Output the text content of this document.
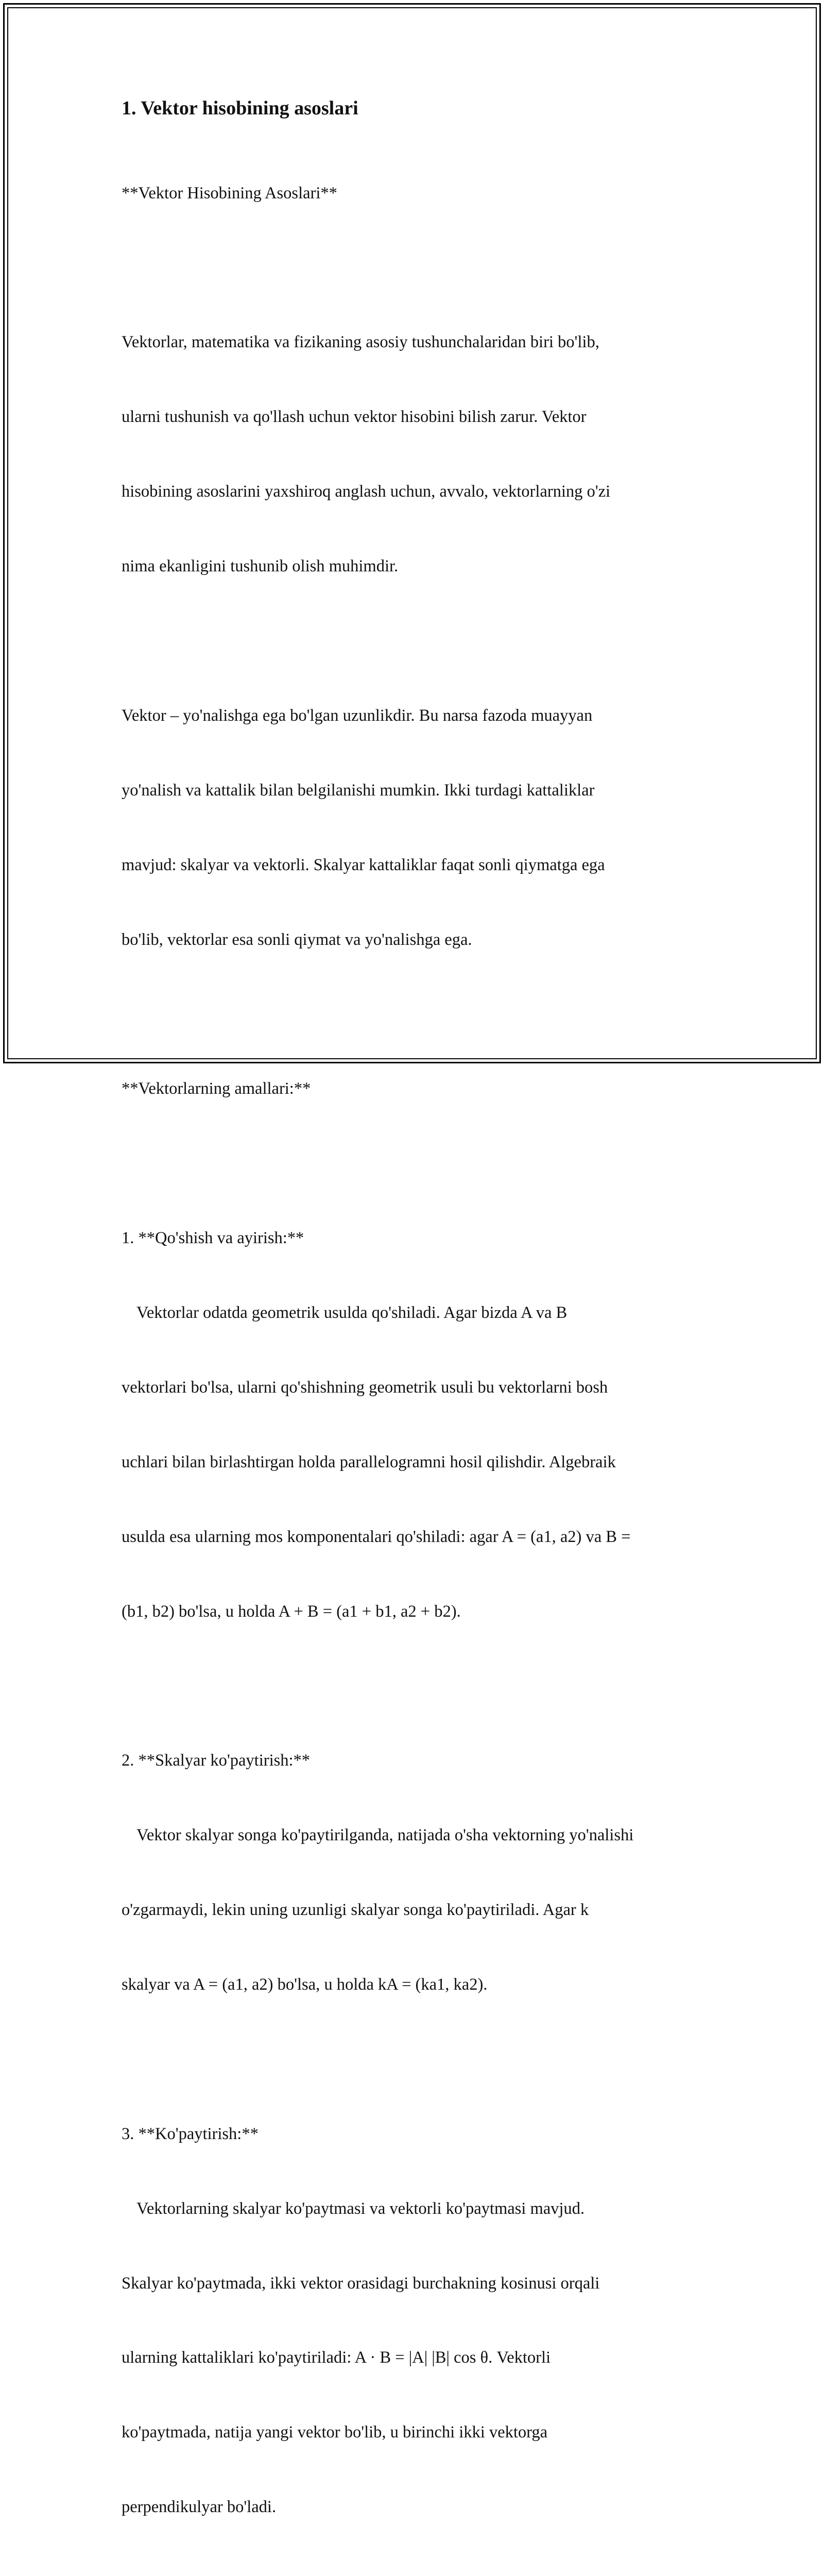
1. Vektor hisobining asoslari

**Vektor Hisobining Asoslari**

Vektorlar, matematika va fizikaning asosiy tushunchalaridan biri bo'lib,

ularni tushunish va qo'llash uchun vektor hisobini bilish zarur. Vektor

hisobining asoslarini yaxshiroq anglash uchun, avvalo, vektorlarning o'zi

nima ekanligini tushunib olish muhimdir.

Vektor – yo'nalishga ega bo'lgan uzunlikdir. Bu narsa fazoda muayyan

yo'nalish va kattalik bilan belgilanishi mumkin. Ikki turdagi kattaliklar

mavjud: skalyar va vektorli. Skalyar kattaliklar faqat sonli qiymatga ega

bo'lib, vektorlar esa sonli qiymat va yo'nalishga ega.

**Vektorlarning amallari:**

1. **Qo'shish va ayirish:**

Vektorlar odatda geometrik usulda qo'shiladi. Agar bizda A va B

vektorlari bo'lsa, ularni qo'shishning geometrik usuli bu vektorlarni bosh

uchlari bilan birlashtirgan holda parallelogramni hosil qilishdir. Algebraik

usulda esa ularning mos komponentalari qo'shiladi: agar A = (a1, a2) va B =

(b1, b2) bo'lsa, u holda A + B = (a1 + b1, a2 + b2).

2. **Skalyar ko'paytirish:**

Vektor skalyar songa ko'paytirilganda, natijada o'sha vektorning yo'nalishi

o'zgarmaydi, lekin uning uzunligi skalyar songa ko'paytiriladi. Agar k

skalyar va A = (a1, a2) bo'lsa, u holda kA = (ka1, ka2).

3. **Ko'paytirish:**

Vektorlarning skalyar ko'paytmasi va vektorli ko'paytmasi mavjud.

Skalyar ko'paytmada, ikki vektor orasidagi burchakning kosinusi orqali

ularning kattaliklari ko'paytiriladi: A · B = |A| |B| cos θ. Vektorli

ko'paytmada, natija yangi vektor bo'lib, u birinchi ikki vektorga

perpendikulyar bo'ladi.
